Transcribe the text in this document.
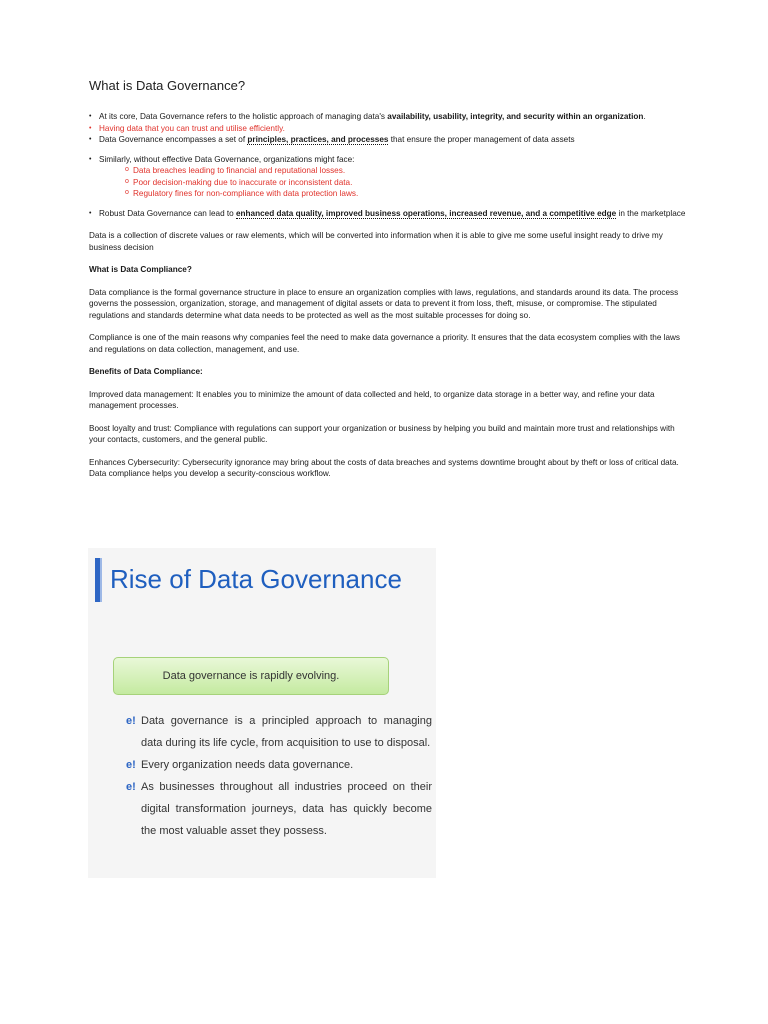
What is Data Governance?
• At its core, Data Governance refers to the holistic approach of managing data's availability, usability, integrity, and security within an organization.
• Having data that you can trust and utilise efficiently.
• Data Governance encompasses a set of principles, practices, and processes that ensure the proper management of data assets
• Similarly, without effective Data Governance, organizations might face:
o Data breaches leading to financial and reputational losses.
o Poor decision-making due to inaccurate or inconsistent data.
o Regulatory fines for non-compliance with data protection laws.
• Robust Data Governance can lead to enhanced data quality, improved business operations, increased revenue, and a competitive edge in the marketplace

Data is a collection of discrete values or raw elements, which will be converted into information when it is able to give me some useful insight ready to drive my business decision

What is Data Compliance?

Data compliance is the formal governance structure in place to ensure an organization complies with laws, regulations, and standards around its data. The process governs the possession, organization, storage, and management of digital assets or data to prevent it from loss, theft, misuse, or compromise. The stipulated regulations and standards determine what data needs to be protected as well as the most suitable processes for doing so.

Compliance is one of the main reasons why companies feel the need to make data governance a priority. It ensures that the data ecosystem complies with the laws and regulations on data collection, management, and use.

Benefits of Data Compliance:

Improved data management: It enables you to minimize the amount of data collected and held, to organize data storage in a better way, and refine your data management processes.

Boost loyalty and trust: Compliance with regulations can support your organization or business by helping you build and maintain more trust and relationships with your contacts, customers, and the general public.

Enhances Cybersecurity: Cybersecurity ignorance may bring about the costs of data breaches and systems downtime brought about by theft or loss of critical data. Data compliance helps you develop a security-conscious workflow.

Rise of Data Governance
Data governance is rapidly evolving.
e! Data governance is a principled approach to managing data during its life cycle, from acquisition to use to disposal.
e! Every organization needs data governance.
e! As businesses throughout all industries proceed on their digital transformation journeys, data has quickly become the most valuable asset they possess.
